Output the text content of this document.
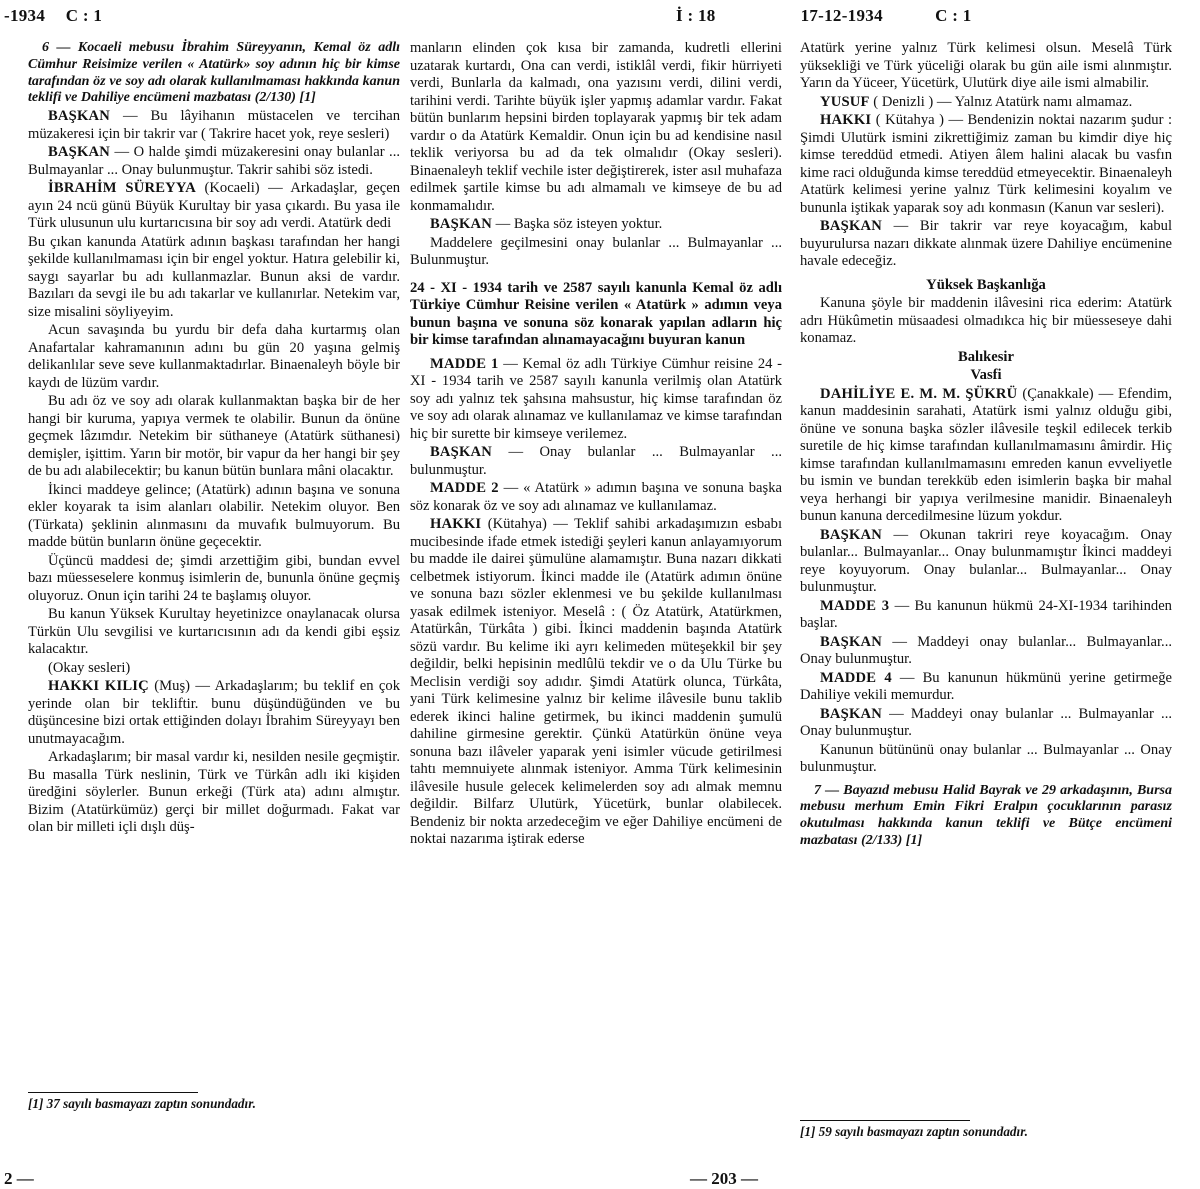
-1934 C : 1	İ : 18	17-12-1934	C : 1

6 — Kocaeli mebusu İbrahim Süreyyanın, Kemal öz adlı Cümhur Reisimize verilen « Atatürk» soy adının hiç bir kimse tarafından öz ve soy adı olarak kullanılmaması hakkında kanun teklifi ve Dahiliye encümeni mazbatası (2/130) [1]

BAŞKAN — Bu lâyihanın müstacelen ve tercihan müzakeresi için bir takrir var ( Takrire hacet yok, reye sesleri)

BAŞKAN — O halde şimdi müzakeresini onay bulanlar ... Bulmayanlar ... Onay bulunmuştur. Takrir sahibi söz istedi.

İBRAHİM SÜREYYA (Kocaeli) — Arkadaşlar, geçen ayın 24 ncü günü Büyük Kurultay bir yasa çıkardı. Bu yasa ile Türk ulusunun ulu kurtarıcısına bir soy adı verdi. Atatürk dedi

Bu çıkan kanunda Atatürk adının başkası tarafından her hangi şekilde kullanılmaması için bir engel yoktur. Hatıra gelebilir ki, saygı sayarlar bu adı kullanmazlar. Bunun aksi de vardır. Bazıları da sevgi ile bu adı takarlar ve kullanırlar. Netekim var, size misalini söyliyeyim.

Acun savaşında bu yurdu bir defa daha kurtarmış olan Anafartalar kahramanının adını bu gün 20 yaşına gelmiş delikanlılar seve seve kullanmaktadırlar. Binaenaleyh böyle bir kaydı de lüzüm vardır.

Bu adı öz ve soy adı olarak kullanmaktan başka bir de her hangi bir kuruma, yapıya vermek te olabilir. Bunun da önüne geçmek lâzımdır. Netekim bir süthaneye (Atatürk süthanesi) demişler, işittim. Yarın bir motör, bir vapur da her hangi bir şey de bu adı alabilecektir; bu kanun bütün bunlara mâni olacaktır.

İkinci maddeye gelince; (Atatürk) adının başına ve sonuna ekler koyarak ta isim alanları olabilir. Netekim oluyor. Ben (Türkata) şeklinin alınmasını da muvafık bulmuyorum. Bu madde bütün bunların önüne geçecektir.

Üçüncü maddesi de; şimdi arzettiğim gibi, bundan evvel bazı müesseselere konmuş isimlerin de, bununla önüne geçmiş oluyoruz. Onun için tarihi 24 te başlamış oluyor.

Bu kanun Yüksek Kurultay heyetinizce onaylanacak olursa Türkün Ulu sevgilisi ve kurtarıcısının adı da kendi gibi eşsiz kalacaktır.

(Okay sesleri)

HAKKI KILIÇ (Muş) — Arkadaşlarım; bu teklif en çok yerinde olan bir tekliftir. bunu düşündüğünden ve bu düşüncesine bizi ortak ettiğinden dolayı İbrahim Süreyyayı ben unutmayacağım.

Arkadaşlarım; bir masal vardır ki, nesilden nesile geçmiştir. Bu masalla Türk neslinin, Türk ve Türkân adlı iki kişiden üredğini söylerler. Bunun erkeği (Türk ata) adını almıştır. Bizim (Atatürkümüz) gerçi bir millet doğurmadı. Fakat var olan bir milleti içli dışlı düş-

[1] 37 sayılı basmayazı zaptın sonundadır.

manların elinden çok kısa bir zamanda, kudretli ellerini uzatarak kurtardı, Ona can verdi, istiklâl verdi, fikir hürriyeti verdi, Bunlarla da kalmadı, ona yazısını verdi, dilini verdi, tarihini verdi. Tarihte büyük işler yapmış adamlar vardır. Fakat bütün bunlarım hepsini birden toplayarak yapmış bir tek adam vardır o da Atatürk Kemaldir. Onun için bu ad kendisine nasıl teklik veriyorsa bu ad da tek olmalıdır (Okay sesleri). Binaenaleyh teklif vechile ister değiştirerek, ister asıl muhafaza edilmek şartile kimse bu adı almamalı ve kimseye de bu ad konmamalıdır.

BAŞKAN — Başka söz isteyen yoktur.

Maddelere geçilmesini onay bulanlar ... Bulmayanlar ... Bulunmuştur.

24 - XI - 1934 tarih ve 2587 sayılı kanunla Kemal öz adlı Türkiye Cümhur Reisine verilen « Atatürk » adımın veya bunun başına ve sonuna söz konarak yapılan adların hiç bir kimse tarafından alınamayacağını buyuran kanun

MADDE 1 — Kemal öz adlı Türkiye Cümhur reisine 24 - XI - 1934 tarih ve 2587 sayılı kanunla verilmiş olan Atatürk soy adı yalnız tek şahsına mahsustur, hiç kimse tarafından öz ve soy adı olarak alınamaz ve kullanılamaz ve kimse tarafından hiç bir surette bir kimseye verilemez.

BAŞKAN — Onay bulanlar ... Bulmayanlar ... bulunmuştur.

MADDE 2 — « Atatürk » adımın başına ve sonuna başka söz konarak öz ve soy adı alınamaz ve kullanılamaz.

HAKKI (Kütahya) — Teklif sahibi arkadaşımızın esbabı mucibesinde ifade etmek istediği şeyleri kanun anlayamıyorum bu madde ile dairei şümulüne alamamıştır. Buna nazarı dikkati celbetmek istiyorum. İkinci madde ile (Atatürk adımın önüne ve sonuna bazı sözler eklenmesi ve bu şekilde kullanılması yasak edilmek isteniyor. Meselâ : ( Öz Atatürk, Atatürkmen, Atatürkân, Türkâta ) gibi. İkinci maddenin başında Atatürk sözü vardır. Bu kelime iki ayrı kelimeden müteşekkil bir şey değildir, belki hepisinin medlûlü tekdir ve o da Ulu Türke bu Meclisin verdiği soy adıdır. Şimdi Atatürk olunca, Türkâta, yani Türk kelimesine yalnız bir kelime ilâvesile bunu taklib ederek ikinci haline getirmek, bu ikinci maddenin şumulü dahiline girmesine gerektir. Çünkü Atatürkün önüne veya sonuna bazı ilâveler yaparak yeni isimler vücude getirilmesi tahtı memnuiyete alınmak isteniyor. Amma Türk kelimesinin ilâvesile husule gelecek kelimelerden soy adı almak memnu değildir. Bilfarz Ulutürk, Yücetürk, bunlar olabilecek. Bendeniz bir nokta arzedeceğim ve eğer Dahiliye encümeni de noktai nazarıma iştirak ederse

Atatürk yerine yalnız Türk kelimesi olsun. Meselâ Türk yüksekliği ve Türk yüceliği olarak bu gün aile ismi alınmıştır. Yarın da Yüceer, Yücetürk, Ulutürk diye aile ismi almabilir.

YUSUF ( Denizli ) — Yalnız Atatürk namı almamaz.

HAKKI ( Kütahya ) — Bendenizin noktai nazarım şudur : Şimdi Ulutürk ismini zikrettiğimiz zaman bu kimdir diye hiç kimse tereddüd etmedi. Atiyen âlem halini alacak bu vasfın kime raci olduğunda kimse tereddüd etmeyecektir. Binaenaleyh Atatürk kelimesi yerine yalnız Türk kelimesini koyalım ve bununla iştikak yaparak soy adı konmasın (Kanun var sesleri).

BAŞKAN — Bir takrir var reye koyacağım, kabul buyurulursa nazarı dikkate alınmak üzere Dahiliye encümenine havale edeceğiz.

Yüksek Başkanlığa

Kanuna şöyle bir maddenin ilâvesini rica ederim: Atatürk adrı Hükûmetin müsaadesi olmadıkca hiç bir müesseseye dahi konamaz.

Balıkesir

Vasfi

DAHİLİYE E. M. M. ŞÜKRÜ (Çanakkale) — Efendim, kanun maddesinin sarahati, Atatürk ismi yalnız olduğu gibi, önüne ve sonuna başka sözler ilâvesile teşkil edilecek terkib suretile de hiç kimse tarafından kullanılmamasını âmirdir. Hiç kimse tarafından kullanılmamasını emreden kanun evveliyetle bu ismin ve bundan terekküb eden isimlerin başka bir mahal veya herhangi bir yapıya verilmesine manidir. Binaenaleyh bunun kanuna dercedilmesine lüzum yokdur.

BAŞKAN — Okunan takriri reye koyacağım. Onay bulanlar... Bulmayanlar... Onay bulunmamıştır İkinci maddeyi reye koyuyorum. Onay bulanlar... Bulmayanlar... Onay bulunmuştur.

MADDE 3 — Bu kanunun hükmü 24-XI-1934 tarihinden başlar.

BAŞKAN — Maddeyi onay bulanlar... Bulmayanlar... Onay bulunmuştur.

MADDE 4 — Bu kanunun hükmünü yerine getirmeğe Dahiliye vekili memurdur.

BAŞKAN — Maddeyi onay bulanlar ... Bulmayanlar ... Onay bulunmuştur.

Kanunun bütününü onay bulanlar ... Bulmayanlar ... Onay bulunmuştur.

7 — Bayazıd mebusu Halid Bayrak ve 29 arkadaşının, Bursa mebusu merhum Emin Fikri Eralpın çocuklarının parasız okutulması hakkında kanun teklifi ve Bütçe encümeni mazbatası (2/133) [1]

[1] 59 sayılı basmayazı zaptın sonundadır.

2 —	— 203 —
